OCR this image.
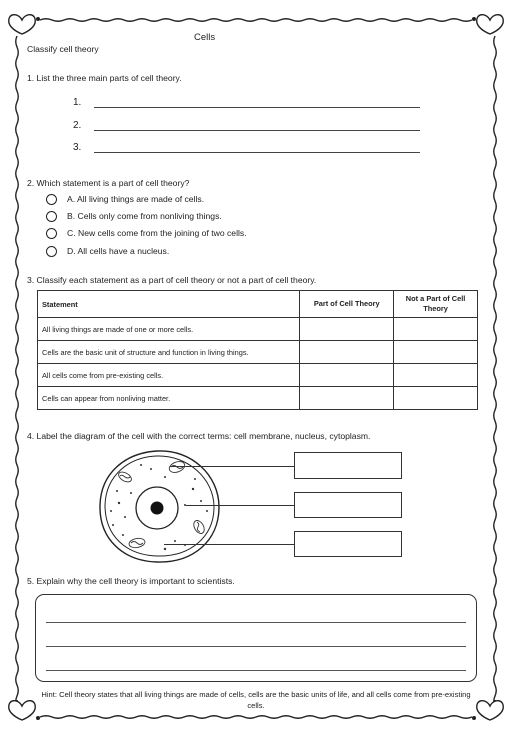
Cells
Classify cell theory
1. List the three main parts of cell theory.
1.
2.
3.
2. Which statement is a part of cell theory?
A. All living things are made of cells.
B. Cells only come from nonliving things.
C. New cells come from the joining of two cells.
D. All cells have a nucleus.
3. Classify each statement as a part of cell theory or not a part of cell theory.
Statement	Part of Cell Theory	Not a Part of Cell Theory
All living things are made of one or more cells.		
Cells are the basic unit of structure and function in living things.		
All cells come from pre-existing cells.		
Cells can appear from nonliving matter.		
4. Label the diagram of the cell with the correct terms: cell membrane, nucleus, cytoplasm.
5. Explain why the cell theory is important to scientists.
Hint: Cell theory states that all living things are made of cells, cells are the basic units of life, and all cells come from pre-existing cells.
